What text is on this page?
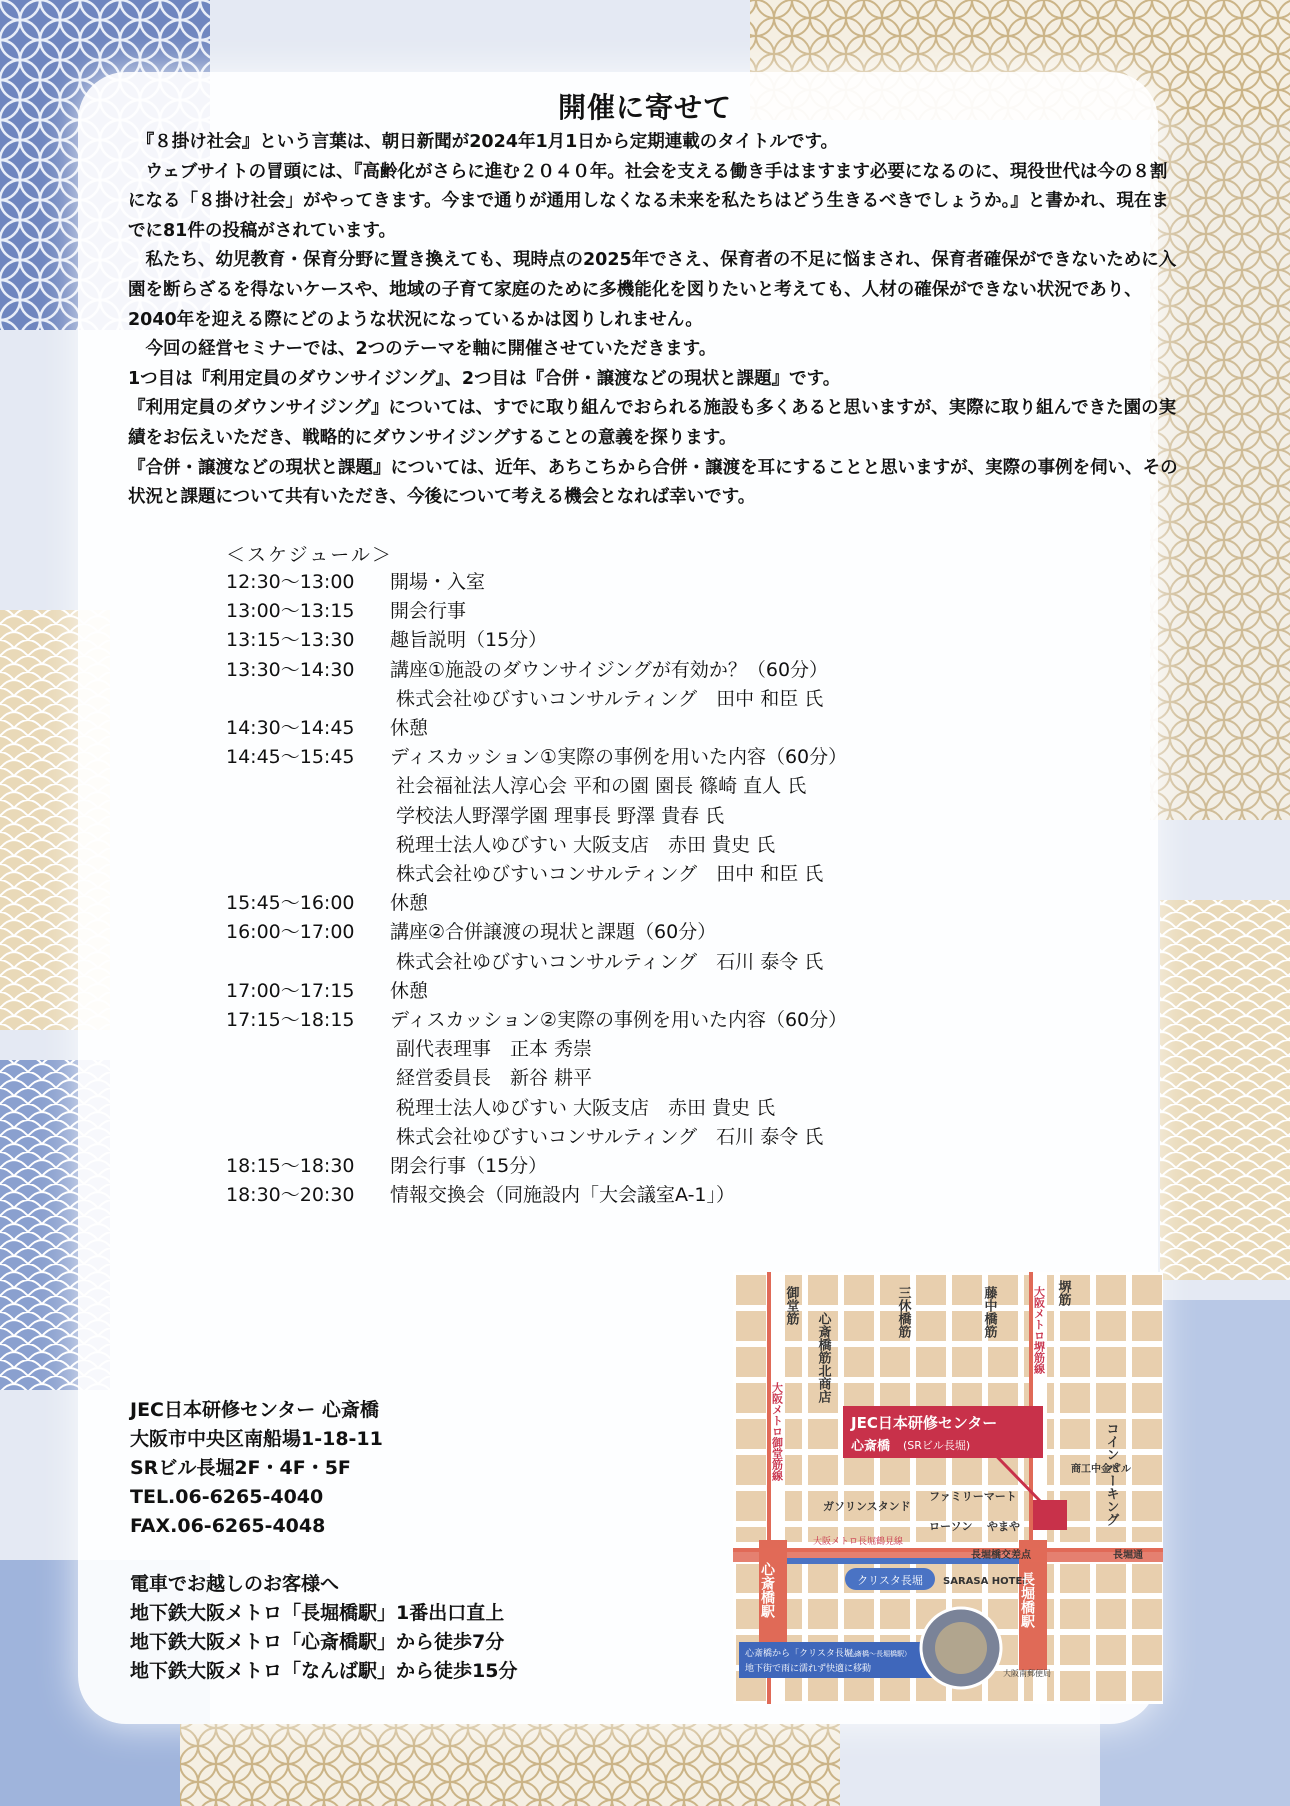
開催に寄せて

　『８掛け社会』という言葉は、朝日新聞が2024年1月1日から定期連載のタイトルです。

　ウェブサイトの冒頭には、『高齢化がさらに進む２０４０年。社会を支える働き手はますます必要になるのに、現役世代は今の８割になる「８掛け社会」がやってきます。今まで通りが通用しなくなる未来を私たちはどう生きるべきでしょうか。』と書かれ、現在までに81件の投稿がされています。

　私たち、幼児教育・保育分野に置き換えても、現時点の2025年でさえ、保育者の不足に悩まされ、保育者確保ができないために入園を断らざるを得ないケースや、地域の子育て家庭のために多機能化を図りたいと考えても、人材の確保ができない状況であり、2040年を迎える際にどのような状況になっているかは図りしれません。

　今回の経営セミナーでは、2つのテーマを軸に開催させていただきます。

1つ目は『利用定員のダウンサイジング』、2つ目は『合併・譲渡などの現状と課題』です。

『利用定員のダウンサイジング』については、すでに取り組んでおられる施設も多くあると思いますが、実際に取り組んできた園の実績をお伝えいただき、戦略的にダウンサイジングすることの意義を探ります。

『合併・譲渡などの現状と課題』については、近年、あちこちから合併・譲渡を耳にすることと思いますが、実際の事例を伺い、その状況と課題について共有いただき、今後について考える機会となれば幸いです。

＜スケジュール＞
12:30〜13:00	開場・入室
13:00〜13:15	開会行事
13:15〜13:30	趣旨説明（15分）
13:30〜14:30	講座①施設のダウンサイジングが有効か？（60分）
株式会社ゆびすいコンサルティング　田中 和臣 氏
14:30〜14:45	休憩
14:45〜15:45	ディスカッション①実際の事例を用いた内容（60分）
社会福祉法人淳心会 平和の園 園長 篠崎 直人 氏
学校法人野澤学園 理事長 野澤 貴春 氏
税理士法人ゆびすい 大阪支店　赤田 貴史 氏
株式会社ゆびすいコンサルティング　田中 和臣 氏
15:45〜16:00	休憩
16:00〜17:00	講座②合併譲渡の現状と課題（60分）
株式会社ゆびすいコンサルティング　石川 泰令 氏
17:00〜17:15	休憩
17:15〜18:15	ディスカッション②実際の事例を用いた内容（60分）
副代表理事　正本 秀崇
経営委員長　新谷 耕平
税理士法人ゆびすい 大阪支店　赤田 貴史 氏
株式会社ゆびすいコンサルティング　石川 泰令 氏
18:15〜18:30	閉会行事（15分）
18:30〜20:30	情報交換会（同施設内「大会議室A-1」）
JEC日本研修センター 心斎橋
大阪市中央区南船場1-18-11
SRビル長堀2F・4F・5F
TEL.06-6265-4040
FAX.06-6265-4048
電車でお越しのお客様へ
地下鉄大阪メトロ「長堀橋駅」1番出口直上
地下鉄大阪メトロ「心斎橋駅」から徒歩7分
地下鉄大阪メトロ「なんば駅」から徒歩15分
クリスタ長堀
JEC日本研修センター
心斎橋 (SRビル長堀)
御堂筋
心斎橋筋北商店	三休橋筋	藤中橋筋	堺筋
コインパーキング
大阪メトロ御堂筋線
大阪メトロ堺筋線
大阪メトロ長堀鶴見線
ガソリンスタンド
ファミリーマート
ローソン やまや
商工中金ビル
長堀橋交差点	長堀通
SARASA HOTEL
心斎橋駅	長堀橋駅
心斎橋から「クリスタ長堀」
（心斎橋〜長堀橋駅）
地下街で雨に濡れず快適に移動	大阪南郵便局
